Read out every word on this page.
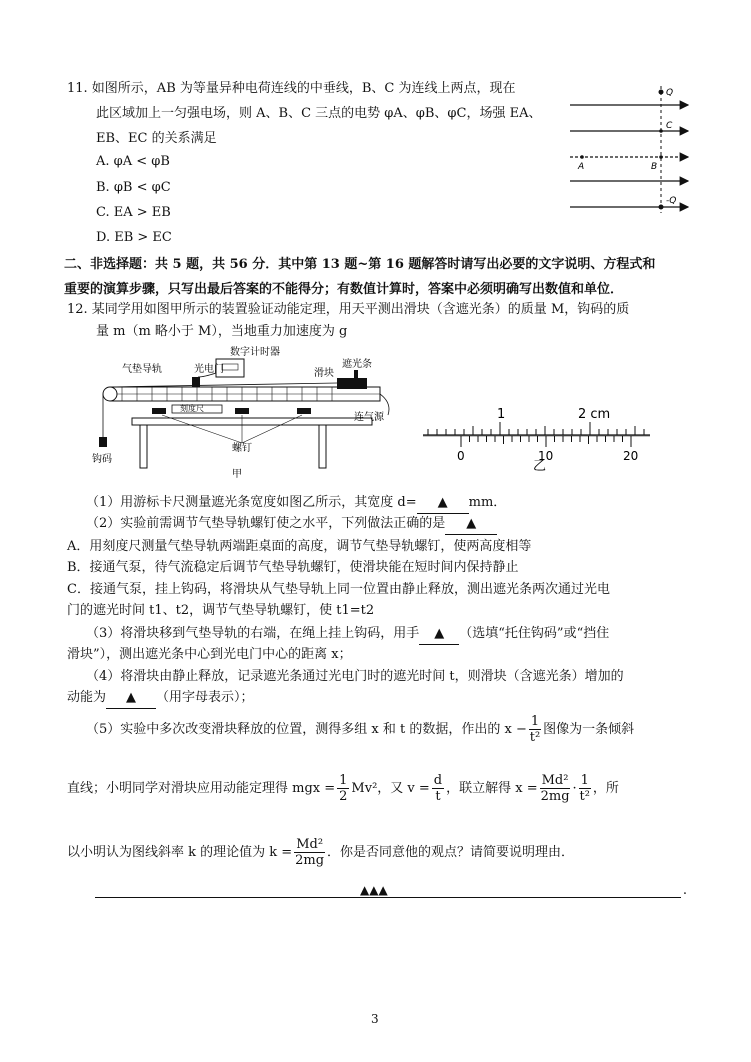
11. 如图所示，AB 为等量异种电荷连线的中垂线，B、C 为连线上两点，现在
此区域加上一匀强电场，则 A、B、C 三点的电势 φA、φB、φC，场强 EA、
EB、EC 的关系满足
A. φA < φB
B. φB < φC
C. EA > EB
D. EB > EC
Q
C
A	B
-Q
二、非选择题：共 5 题，共 56 分．其中第 13 题~第 16 题解答时请写出必要的文字说明、方程式和
重要的演算步骤，只写出最后答案的不能得分；有数值计算时，答案中必须明确写出数值和单位．
12. 某同学用如图甲所示的装置验证动能定理，用天平测出滑块（含遮光条）的质量 M，钩码的质
量 m（m 略小于 M），当地重力加速度为 g
数字计时器
光电门
气垫导轨	滑块
遮光条
刻度尺
连气源
螺钉
钩码
甲
1	2 cm
0	10	20
乙
（1）用游标卡尺测量遮光条宽度如图乙所示，其宽度 d= ▲ mm．
（2）实验前需调节气垫导轨螺钉使之水平，下列做法正确的是 ▲
A．用刻度尺测量气垫导轨两端距桌面的高度，调节气垫导轨螺钉，使两高度相等
B．接通气泵，待气流稳定后调节气垫导轨螺钉，使滑块能在短时间内保持静止
C．接通气泵，挂上钩码，将滑块从气垫导轨上同一位置由静止释放，测出遮光条两次通过光电
门的遮光时间 t1、t2，调节气垫导轨螺钉，使 t1=t2
（3）将滑块移到气垫导轨的右端，在绳上挂上钩码，用手 ▲ （选填“托住钩码”或“挡住
滑块”），测出遮光条中心到光电门中心的距离 x；
（4）将滑块由静止释放，记录遮光条通过光电门时的遮光时间 t，则滑块（含遮光条）增加的
动能为 ▲ （用字母表示）；
（5）实验中多次改变滑块释放的位置，测得多组 x 和 t 的数据，作出的 $x - \frac{1}{\text{t²}}$ 图像为一条倾斜
直线；小明同学对滑块应用动能定理得 mgx = $\frac{1}{2} Mv^2$，又 $v = \frac{d}{t}$ ，联立解得 $x = \frac{\text{Md²}}{2mg} \cdot \frac{1}{\text{t²}}$ ，所
以小明认为图线斜率 k 的理论值为 $k = \frac{\text{Md²}}{2mg}$ ．你是否同意他的观点？请简要说明理由．
▲▲▲	.
3
